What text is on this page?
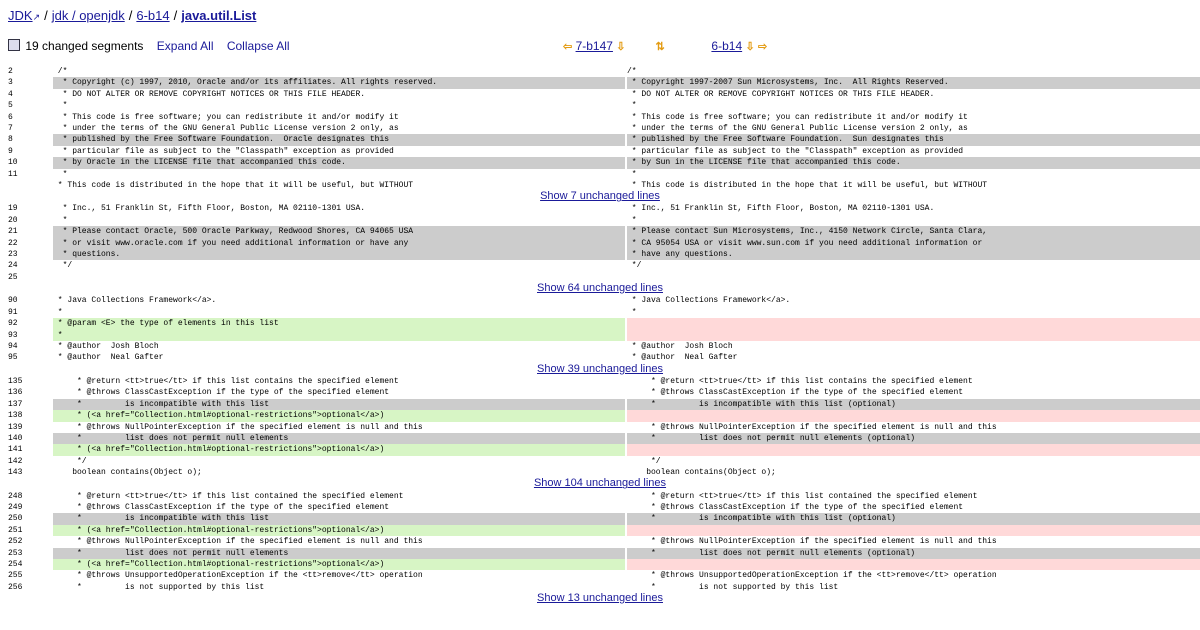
JDK↗ / jdk / openjdk / 6-b14 / java.util.List
19 changed segments Expand All Collapse All	⇦ 7-b147 ⇩	⇅	6-b14 ⇩ ⇨
2	/*	/*
3	* Copyright (c) 1997, 2010, Oracle and/or its affiliates. All rights reserved.	* Copyright 1997-2007 Sun Microsystems, Inc.  All Rights Reserved.
4	* DO NOT ALTER OR REMOVE COPYRIGHT NOTICES OR THIS FILE HEADER.	* DO NOT ALTER OR REMOVE COPYRIGHT NOTICES OR THIS FILE HEADER.
5	*	*
6	* This code is free software; you can redistribute it and/or modify it	* This code is free software; you can redistribute it and/or modify it
7	* under the terms of the GNU General Public License version 2 only, as	* under the terms of the GNU General Public License version 2 only, as
8	* published by the Free Software Foundation.  Oracle designates this	* published by the Free Software Foundation.  Sun designates this
9	* particular file as subject to the "Classpath" exception as provided	* particular file as subject to the "Classpath" exception as provided
10	* by Oracle in the LICENSE file that accompanied this code.	* by Sun in the LICENSE file that accompanied this code.
11	*	*
* This code is distributed in the hope that it will be useful, but WITHOUT	* This code is distributed in the hope that it will be useful, but WITHOUT
Show 7 unchanged lines
19	* Inc., 51 Franklin St, Fifth Floor, Boston, MA 02110-1301 USA.	* Inc., 51 Franklin St, Fifth Floor, Boston, MA 02110-1301 USA.
20	*	*
21	* Please contact Oracle, 500 Oracle Parkway, Redwood Shores, CA 94065 USA	* Please contact Sun Microsystems, Inc., 4150 Network Circle, Santa Clara,
22	* or visit www.oracle.com if you need additional information or have any	* CA 95054 USA or visit www.sun.com if you need additional information or
23	* questions.	* have any questions.
24	*/	*/
25
Show 64 unchanged lines
90	* Java Collections Framework</a>.	* Java Collections Framework</a>.
91	*	*
92	* @param <E> the type of elements in this list
93	*
94	* @author  Josh Bloch	* @author  Josh Bloch
95	* @author  Neal Gafter	* @author  Neal Gafter
Show 39 unchanged lines
135	* @return <tt>true</tt> if this list contains the specified element	* @return <tt>true</tt> if this list contains the specified element
136	* @throws ClassCastException if the type of the specified element	* @throws ClassCastException if the type of the specified element
137	*         is incompatible with this list	*         is incompatible with this list (optional)
138	* (<a href="Collection.html#optional-restrictions">optional</a>)
139	* @throws NullPointerException if the specified element is null and this	* @throws NullPointerException if the specified element is null and this
140	*         list does not permit null elements	*         list does not permit null elements (optional)
141	* (<a href="Collection.html#optional-restrictions">optional</a>)
142	*/	*/
143	boolean contains(Object o);	boolean contains(Object o);
Show 104 unchanged lines
248	* @return <tt>true</tt> if this list contained the specified element	* @return <tt>true</tt> if this list contained the specified element
249	* @throws ClassCastException if the type of the specified element	* @throws ClassCastException if the type of the specified element
250	*         is incompatible with this list	*         is incompatible with this list (optional)
251	* (<a href="Collection.html#optional-restrictions">optional</a>)
252	* @throws NullPointerException if the specified element is null and this	* @throws NullPointerException if the specified element is null and this
253	*         list does not permit null elements	*         list does not permit null elements (optional)
254	* (<a href="Collection.html#optional-restrictions">optional</a>)
255	* @throws UnsupportedOperationException if the <tt>remove</tt> operation	* @throws UnsupportedOperationException if the <tt>remove</tt> operation
256	*         is not supported by this list	*         is not supported by this list
Show 13 unchanged lines
